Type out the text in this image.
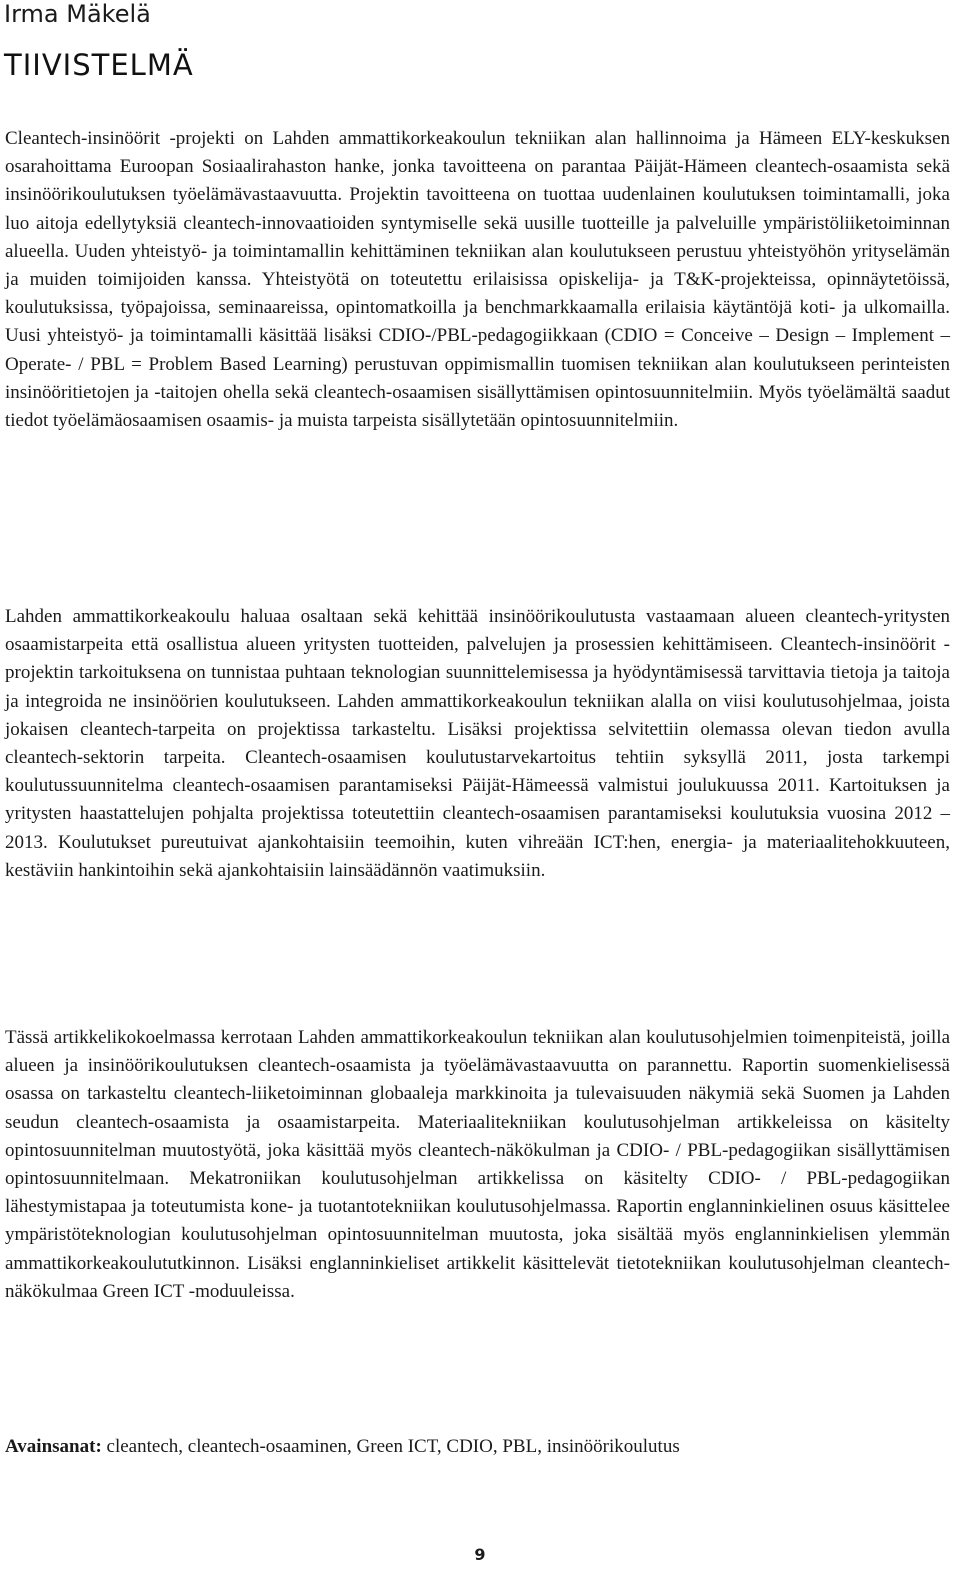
Irma Mäkelä
TIIVISTELMÄ

Cleantech-insinöörit -projekti on Lahden ammattikorkeakoulun tekniikan alan hallinnoima ja Hämeen ELY-keskuksen osarahoittama Euroopan Sosiaalirahaston hanke, jonka tavoitteena on parantaa Päijät-Hämeen cleantech-osaamista sekä insinöörikoulutuksen työelämävastaavuutta. Projektin tavoitteena on tuottaa uudenlainen koulutuksen toimintamalli, joka luo aitoja edellytyksiä cleantech-innovaatioiden syntymiselle sekä uusille tuotteille ja palveluille ympäristöliiketoiminnan alueella. Uuden yhteistyö- ja toimintamallin kehittäminen tekniikan alan koulutukseen perustuu yhteistyöhön yrityselämän ja muiden toimijoiden kanssa. Yhteistyötä on toteutettu erilaisissa opiskelija- ja T&K-projekteissa, opinnäytetöissä, koulutuksissa, työpajoissa, seminaareissa, opintomatkoilla ja benchmarkkaamalla erilaisia käytäntöjä koti- ja ulkomailla. Uusi yhteistyö- ja toimintamalli käsittää lisäksi CDIO-/PBL-pedagogiikkaan (CDIO = Conceive – Design – Implement – Operate- / PBL = Problem Based Learning) perustuvan oppimismallin tuomisen tekniikan alan koulutukseen perinteisten insinööritietojen ja -taitojen ohella sekä cleantech-osaamisen sisällyttämisen opintosuunnitelmiin. Myös työelämältä saadut tiedot työelämäosaamisen osaamis- ja muista tarpeista sisällytetään opintosuunnitelmiin.

Lahden ammattikorkeakoulu haluaa osaltaan sekä kehittää insinöörikoulutusta vastaamaan alueen cleantech-yritysten osaamistarpeita että osallistua alueen yritysten tuotteiden, palvelujen ja prosessien kehittämiseen. Cleantech-insinöörit -projektin tarkoituksena on tunnistaa puhtaan teknologian suunnittelemisessa ja hyödyntämisessä tarvittavia tietoja ja taitoja ja integroida ne insinöörien koulutukseen. Lahden ammattikorkeakoulun tekniikan alalla on viisi koulutusohjelmaa, joista jokaisen cleantech-tarpeita on projektissa tarkasteltu. Lisäksi projektissa selvitettiin olemassa olevan tiedon avulla cleantech-sektorin tarpeita. Cleantech-osaamisen koulutustarvekartoitus tehtiin syksyllä 2011, josta tarkempi koulutussuunnitelma cleantech-osaamisen parantamiseksi Päijät-Hämeessä valmistui joulukuussa 2011. Kartoituksen ja yritysten haastattelujen pohjalta projektissa toteutettiin cleantech-osaamisen parantamiseksi koulutuksia vuosina 2012 – 2013. Koulutukset pureutuivat ajankohtaisiin teemoihin, kuten vihreään ICT:hen, energia- ja materiaalitehokkuuteen, kestäviin hankintoihin sekä ajankohtaisiin lainsäädännön vaatimuksiin.

Tässä artikkelikokoelmassa kerrotaan Lahden ammattikorkeakoulun tekniikan alan koulutusohjelmien toimenpiteistä, joilla alueen ja insinöörikoulutuksen cleantech-osaamista ja työelämävastaavuutta on parannettu. Raportin suomenkielisessä osassa on tarkasteltu cleantech-liiketoiminnan globaaleja markkinoita ja tulevaisuuden näkymiä sekä Suomen ja Lahden seudun cleantech-osaamista ja osaamistarpeita. Materiaalitekniikan koulutusohjelman artikkeleissa on käsitelty opintosuunnitelman muutostyötä, joka käsittää myös cleantech-näkökulman ja CDIO- / PBL-pedagogiikan sisällyttämisen opintosuunnitelmaan. Mekatroniikan koulutusohjelman artikkelissa on käsitelty CDIO- / PBL-pedagogiikan lähestymistapaa ja toteutumista kone- ja tuotantotekniikan koulutusohjelmassa. Raportin englanninkielinen osuus käsittelee ympäristöteknologian koulutusohjelman opintosuunnitelman muutosta, joka sisältää myös englanninkielisen ylemmän ammattikorkeakoulututkinnon. Lisäksi englanninkieliset artikkelit käsittelevät tietotekniikan koulutusohjelman cleantech-näkökulmaa Green ICT -moduuleissa.

Avainsanat: cleantech, cleantech-osaaminen, Green ICT, CDIO, PBL, insinöörikoulutus

9
